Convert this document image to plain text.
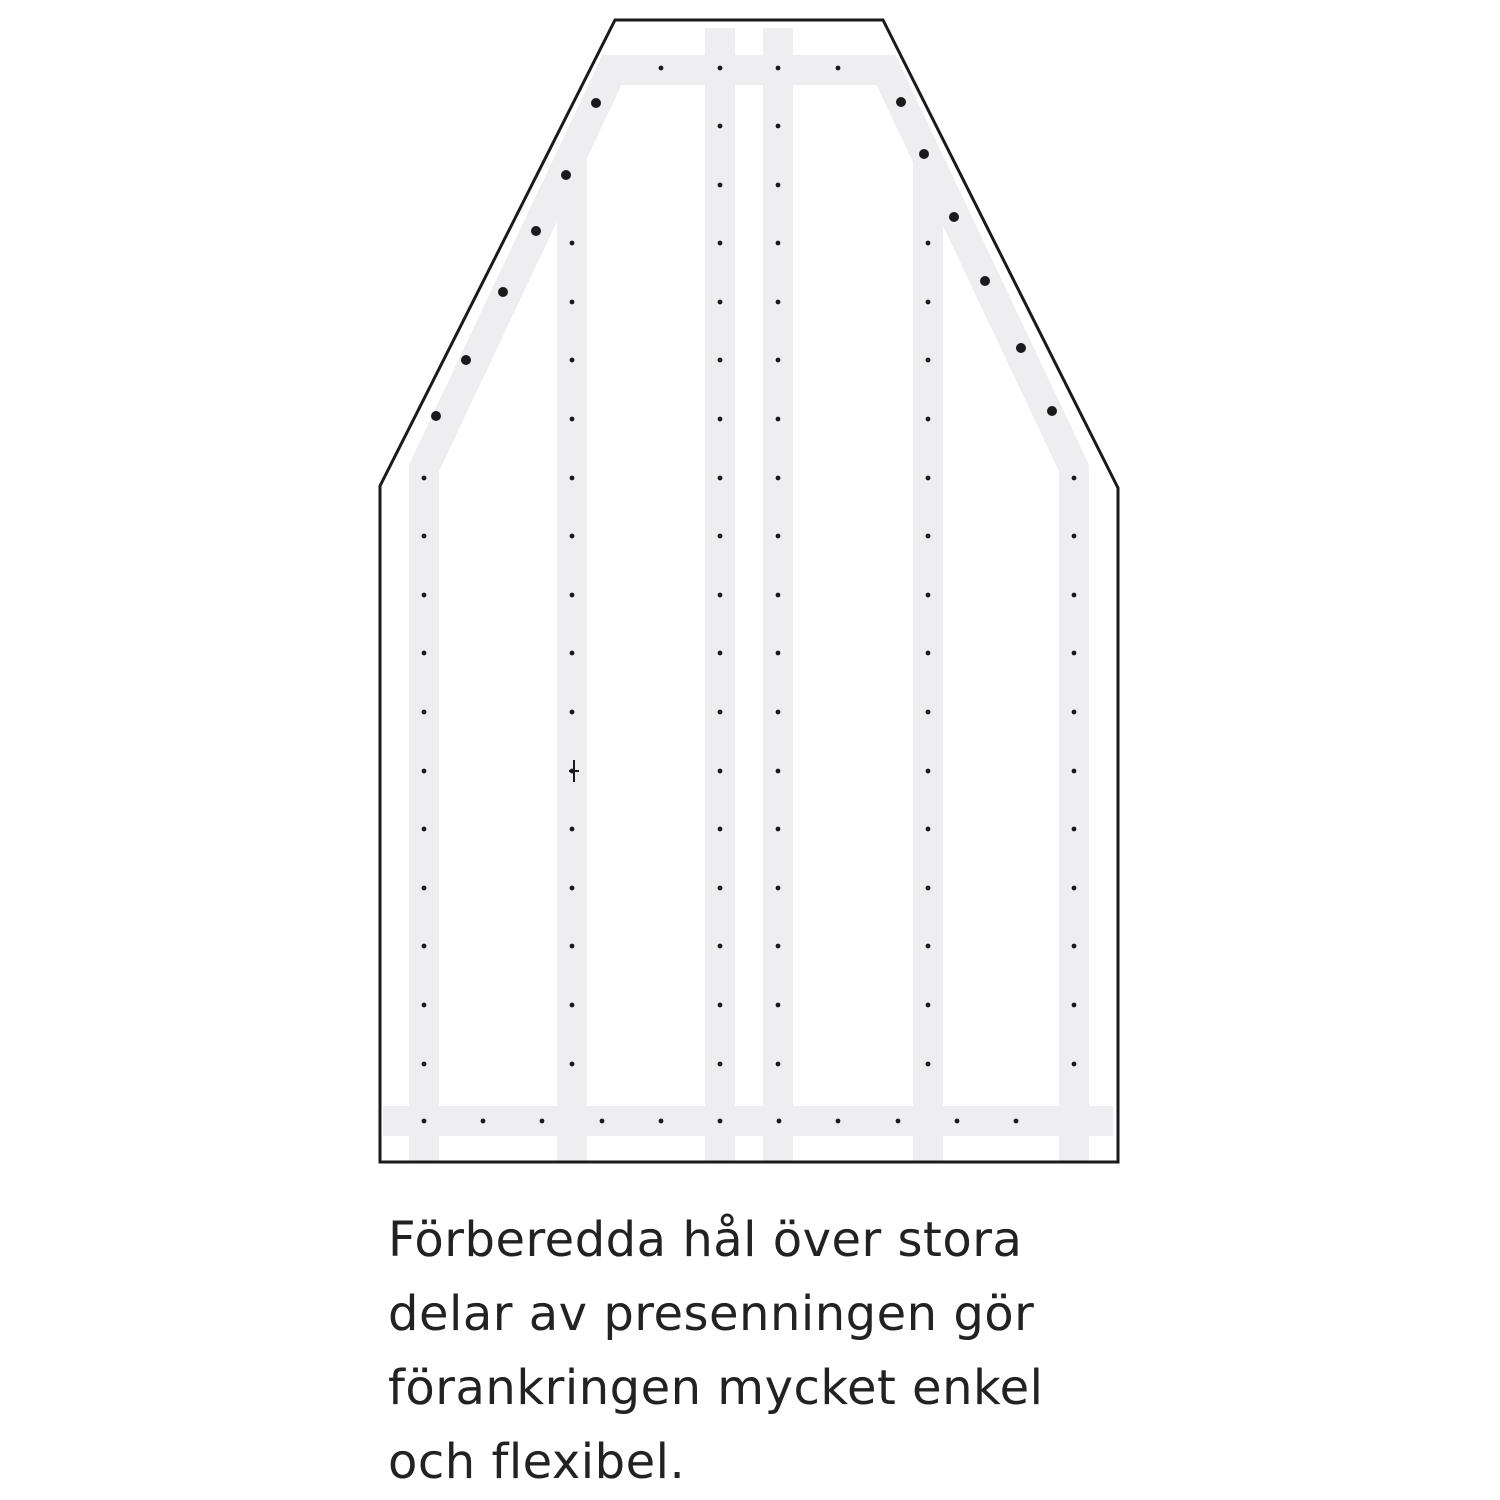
Förberedda hål över stora
delar av presenningen gör
förankringen mycket enkel
och flexibel.
